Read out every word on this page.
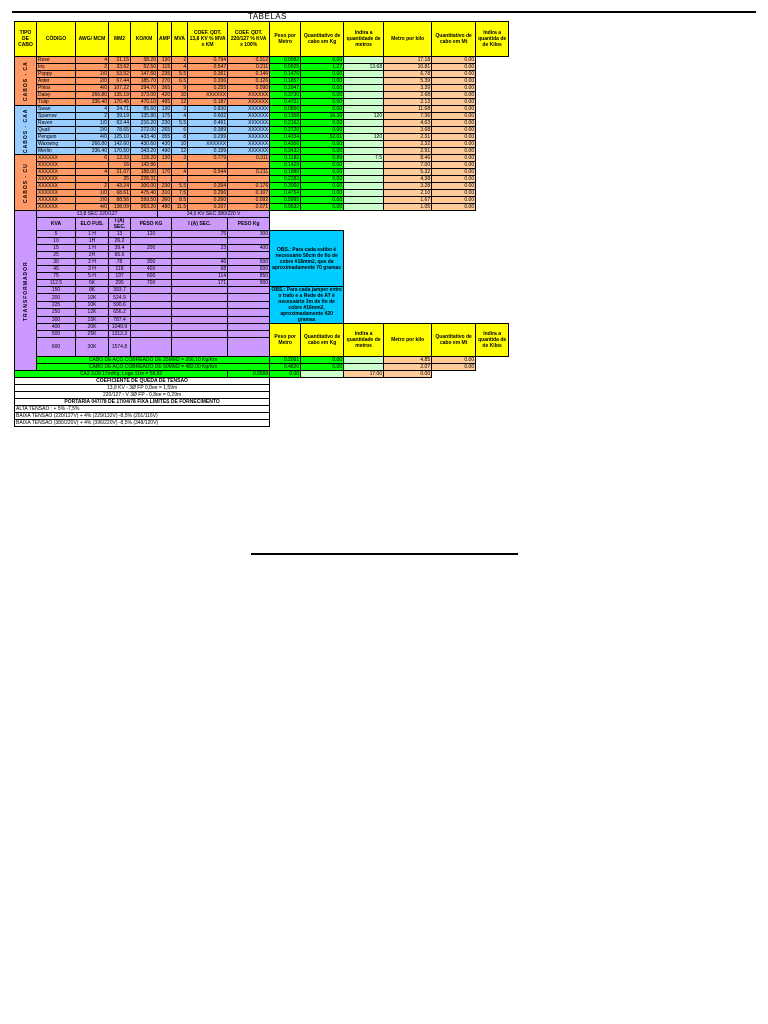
TABELAS
TIPO DE CABO	CÓDIGO	AWG/ MCM	MM2	KO/KM	AMP	MVA	COEF. QDT. 13,8 KV % MVA x KM	COEF. QDT. 220/127 % KVA x 100%	Peso por Metro	Quantitativo de cabo em Kg	Indira a quantidade de metros	Metro por kilo	Quantitativo de cabo em Mt	Indira a quantida de de Kilos
CABOS - CA	Rose	4	21.15	58.20	130	2	0.794	0.312	0.0582	0.00		17.18	0.00	
	Iris	2	33.62	52.50	115	4	0.547	0.211	0.0925	1.27	13.68	10.81	0.00	
	Poppy	1/0	53.52	147.60	235	5.5	0.361	0.146	0.1476	0.00		6.78	0.00	
	Aster	2/0	67.44	185.70	270	6.5	0.336	0.126	0.1857	0.00		5.39	0.00	
	Phlox	4/0	107.22	294.70	365	9	0.255	0.090	0.2947	0.00		3.39	0.00	
	Daisy	266.80	135.19	373.00	420	10	XXXXXX	XXXXXX	0.3730	0.00		2.68	0.00	
	Tulip	336.40	170.45	470.10	495	12	0.187	XXXXXX	0.4701	0.00		2.13	0.00	
CABOS - CAA	Swan	4	24.71	85.60	130	3	0.830	XXXXXX	0.0856	0.00		11.68	0.00	
	Sparrow	2	39.19	135.80	175	4	0.602	XXXXXX	0.1358	16.30	120	7.36	0.00	
	Raven	1/0	62.44	216.20	230	5.5	0.461	XXXXXX	0.2162	0.00		4.63	0.00	
	Quail	2/0	78.65	272.00	265	6	0.389	XXXXXX	0.2720	0.00		3.68	0.00	
	Penguin	4/0	125.10	433.40	355	8	0.299	XXXXXX	0.4334	52.01	120	2.31	0.00	
	Waxwing	266.80	142.60	430.60	430	10	XXXXXX	XXXXXX	0.4306	0.00		2.32	0.00	
	Merlin	336.40	170.50	343.20	490	12	0.199	XXXXXX	0.3432	0.00		2.91	0.00	
CABOS - CU	XXXXXX	6	13.33	118.20	130	3	0.779	0.311	0.1182	0.89	7.5	8.46	0.00	
	XXXXXX		16	142.86					0.1429	0.00		7.00	0.00	
	XXXXXX	4	21.07	188.00	170	4	0.544	0.211	0.1880	0.00		5.32	0.00	
	XXXXXX		25	228.31					0.2283	0.00		4.38	0.00	
	XXXXXX	2	43.24	306.00	230	5.5	0.394	0.176	0.3060	0.00		3.28	0.00	
	XXXXXX	1/0	68.61	475.40	310	7.5	0.296	0.107	0.4754	0.00		2.10	0.00	
	XXXXXX	2/0	88.56	599.50	360	8.5	0.260	0.092	0.5995	0.00		1.67	0.00	
	XXXXXX	4/0	138.09	953.20	480	11.5	0.207	0.071	0.9532	0.00		1.05	0.00	
TRANSFORMADOR	13,8 SEC 220/127				34,5 KV SEC 380/220 V									
	KVA	ELO FUS.	I (A) SEC.	PESO KG		I (A) SEC.		PESO Kg						
	5	1 H	13	120		75		300	OBS.: Para cada estibo é necessário 50cm de fio de cobre #16mm2, que da aproximadamente 70 gramas					
	10	1H	26.2											
	15	1 H	39.4	200		23		400						
	25	2H	65.6											
	30	2 H	78	300		46		500						
	45	3 H	118	400		68		600						
	75	5 H	197	600		114		850						
	112.5	6K	295	700		171		900						
	150	8K	393.7						OBS.: Para cada jamper entre o trafo e a Rede de AT é necessário 3m de fio de cobre #16mm2, aproximadamente 420 gramas					
	200	10K	524.9											
	225	10K	590.6											
	250	12K	656.2											
	300	15K	787.4											
	400	20K	1049.9						Peso por Metro	Quantitativo de cabo em Kg	Indira a quantidade de metros	Metro por kilo	Quantitativo de cabo em Mt	Indira a quantida de de Kilos
	500	25K	1312.3											
	600	30K	1574.8											
	CABO DE AÇO COBREADO DE 25MM2 = 206,10 Kg/Km								0.2061	0.00		4.85	0.00	
	CABO DE AÇO COBREADO DE 50MM2 = 482,00 Kg/Km								0.4820	0.00		2.07	0.00	
CA2 3,09 17m/Kg, Logo 11m = 58,82								0.0588	0.00		17.00	0.00		
COEFICIENTE DE QUEDA DE TENSÃO														
13,8 KV - 3Ø FP 0,8ee = 1,59m														
220/127 - V 3Ø FP - 0,8ee = 0,29m														
PORTARIA 047/78 DE 17/04/78 FIXA LIMITES DE FORNECIMENTO														
ALTA TENSÃO : + 5% -7,5%														
BAIXA TENSÃO (220/127V) + 4% (229/132V) -8,5% (201/116V)														
BAIXA TENSÃO (380/220V) + 4% (396/220V) -8,5% (348/120V)														
